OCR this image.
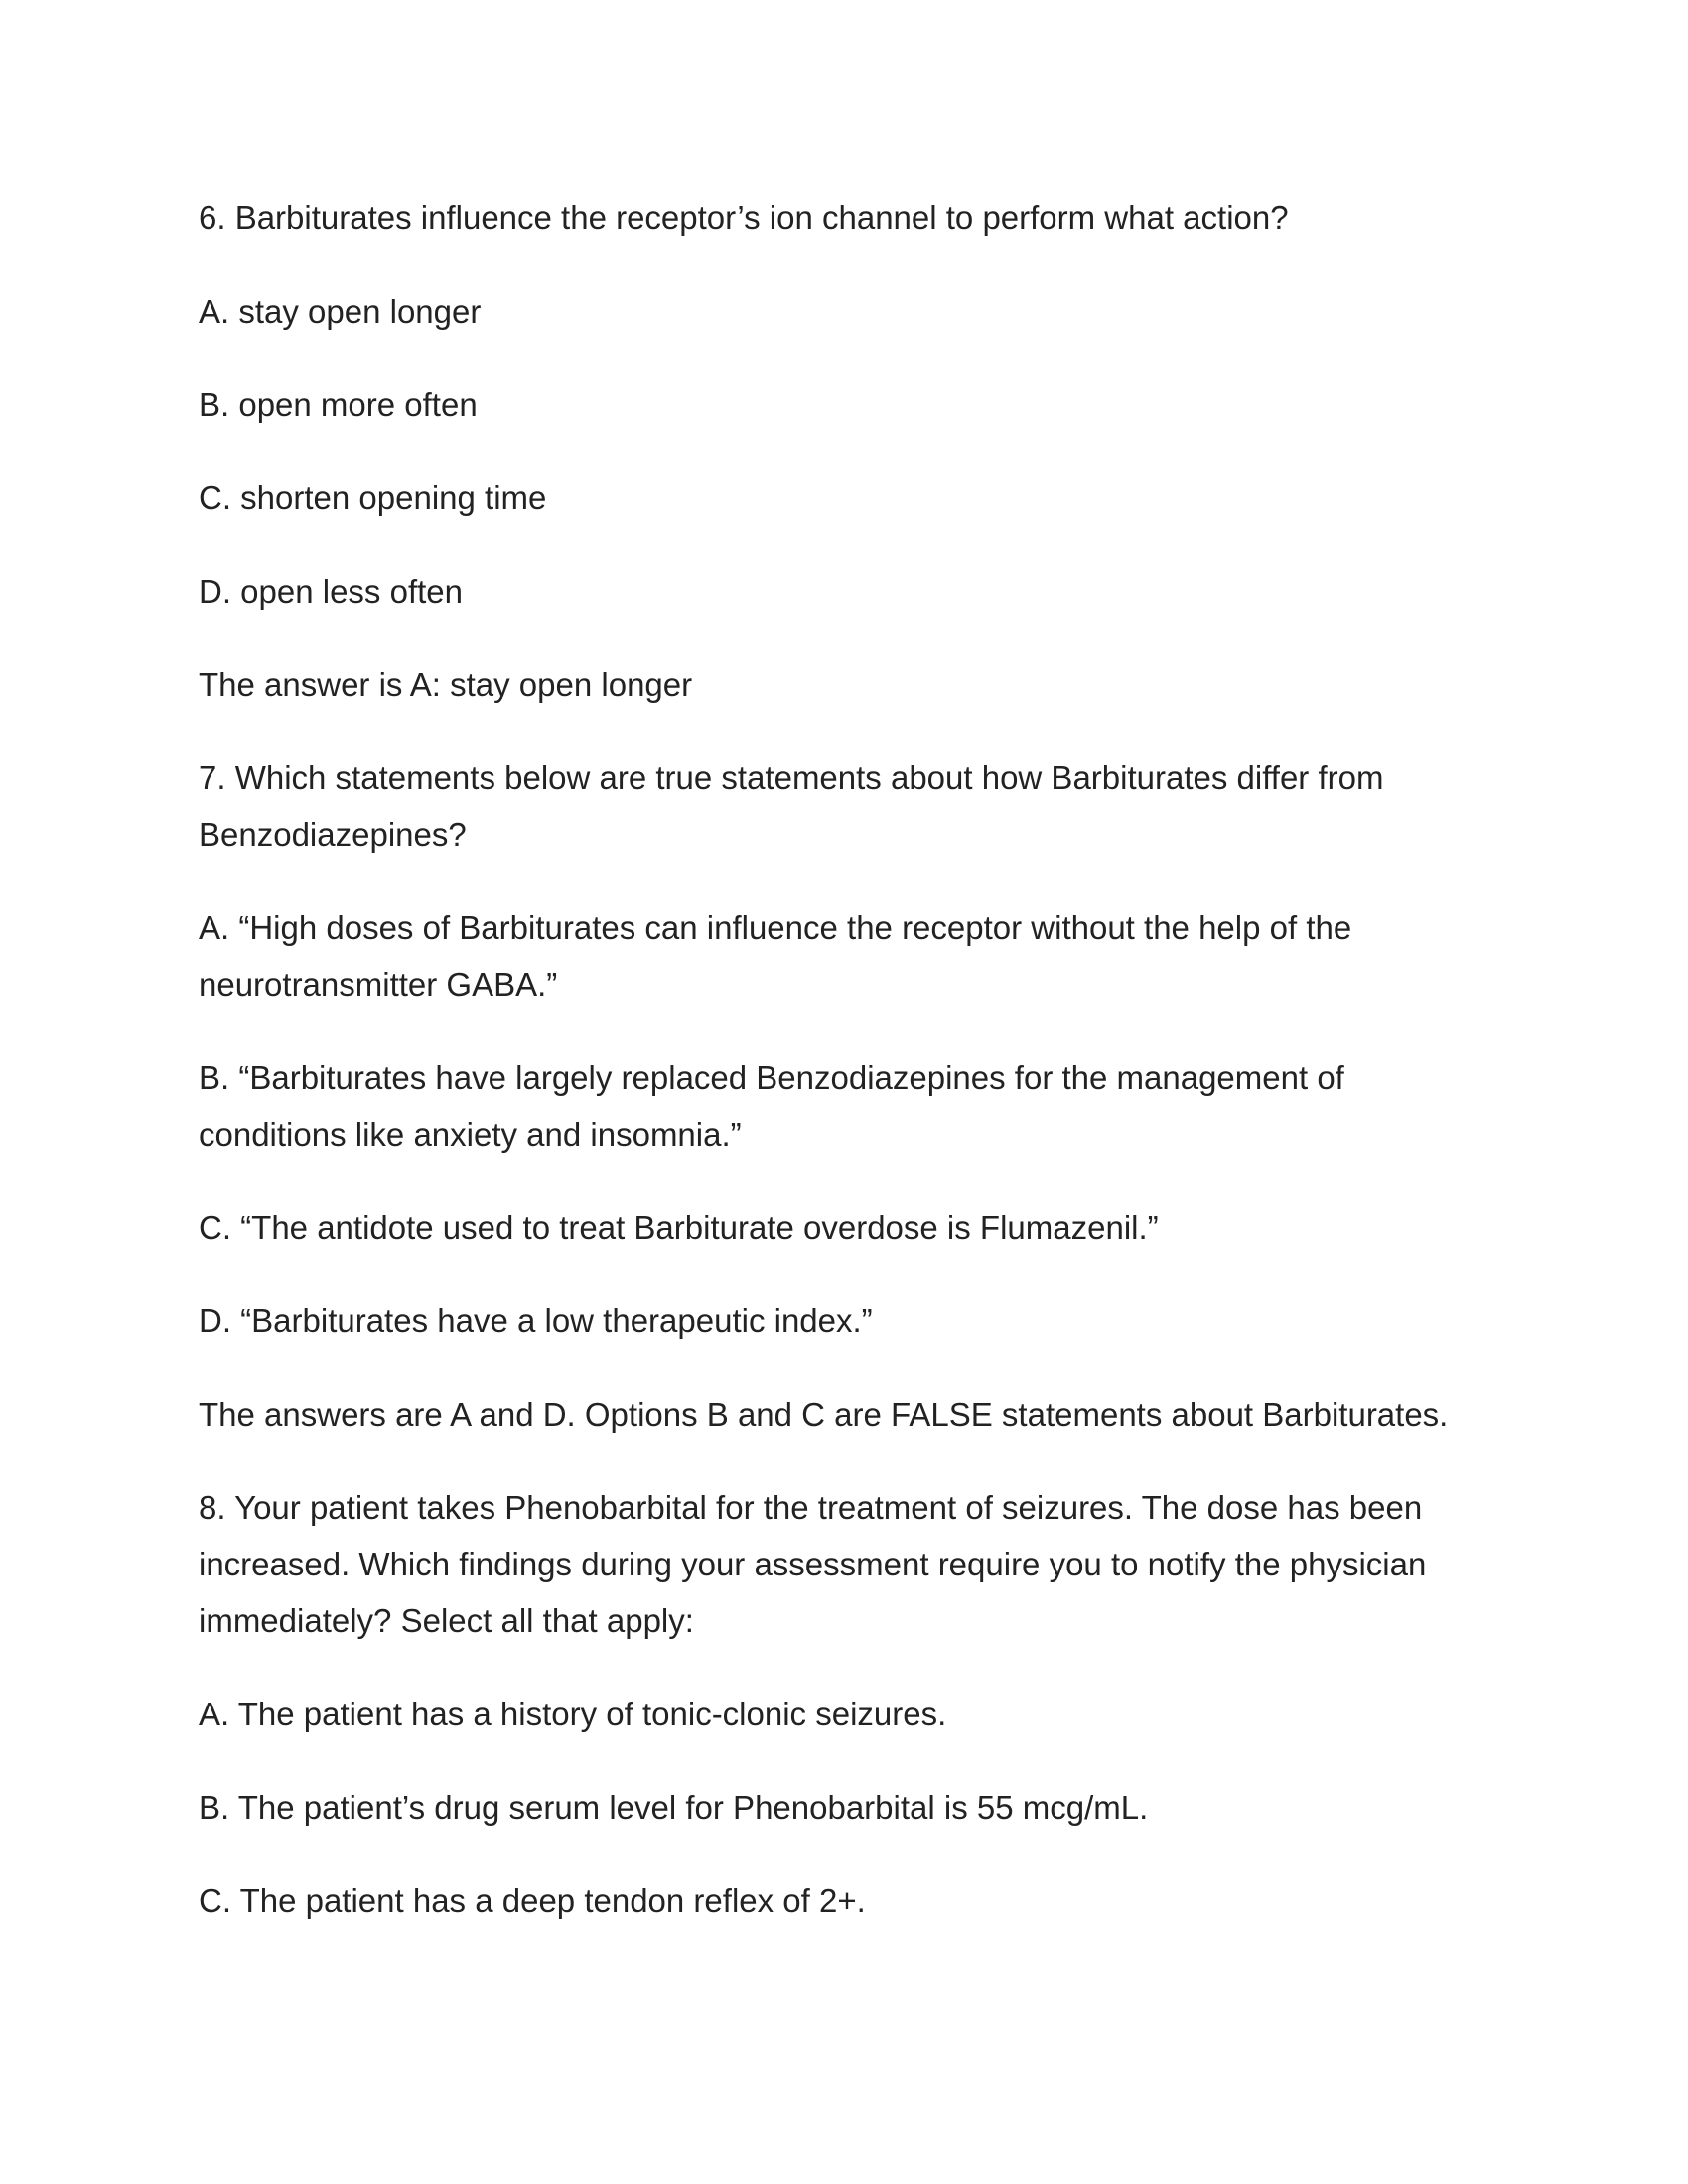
6. Barbiturates influence the receptor’s ion channel to perform what action?

A. stay open longer

B. open more often

C. shorten opening time

D. open less often

The answer is A: stay open longer

7. Which statements below are true statements about how Barbiturates differ from

Benzodiazepines?

A. “High doses of Barbiturates can influence the receptor without the help of the

neurotransmitter GABA.”

B. “Barbiturates have largely replaced Benzodiazepines for the management of

conditions like anxiety and insomnia.”

C. “The antidote used to treat Barbiturate overdose is Flumazenil.”

D. “Barbiturates have a low therapeutic index.”

The answers are A and D. Options B and C are FALSE statements about Barbiturates.

8. Your patient takes Phenobarbital for the treatment of seizures. The dose has been

increased. Which findings during your assessment require you to notify the physician

immediately? Select all that apply:

A. The patient has a history of tonic-clonic seizures.

B. The patient’s drug serum level for Phenobarbital is 55 mcg/mL.

C. The patient has a deep tendon reflex of 2+.
